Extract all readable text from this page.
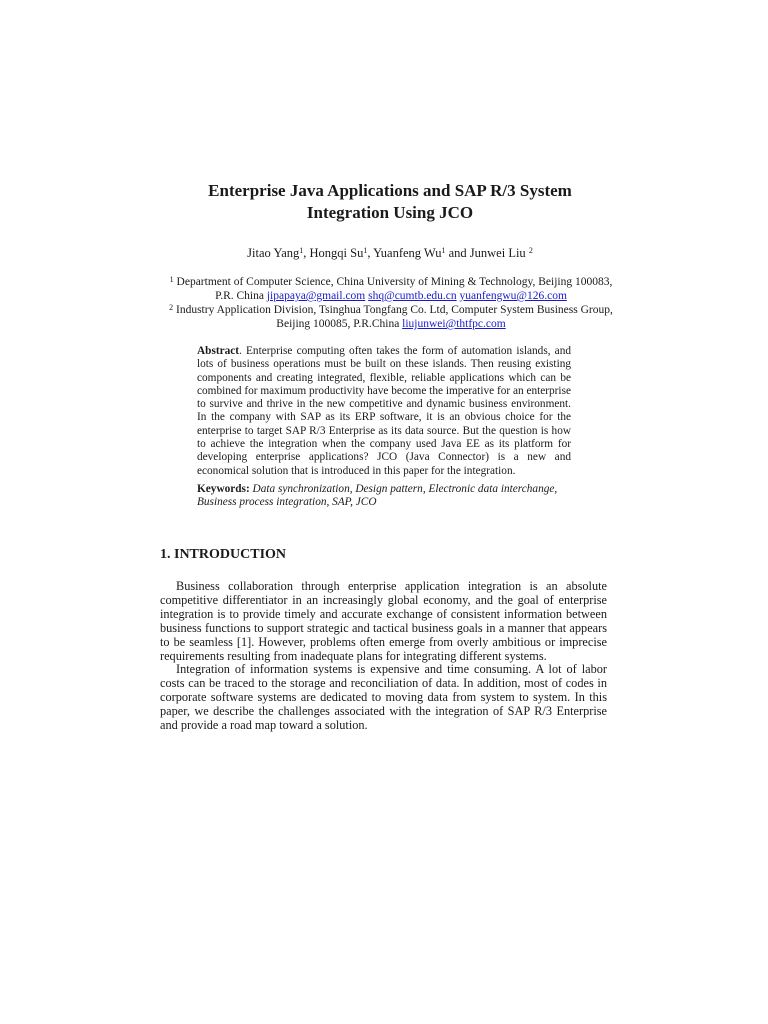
Enterprise Java Applications and SAP R/3 System
Integration Using JCO
Jitao Yang$^1$, Hongqi Su$^1$, Yuanfeng Wu$^1$ and Junwei Liu $^2$
$^1$ Department of Computer Science, China University of Mining & Technology, Beijing 100083, P.R. China jipapaya@gmail.com shq@cumtb.edu.cn yuanfengwu@126.com
$^2$ Industry Application Division, Tsinghua Tongfang Co. Ltd, Computer System Business Group, Beijing 100085, P.R.China liujunwei@thtfpc.com
Abstract. Enterprise computing often takes the form of automation islands, and lots of business operations must be built on these islands. Then reusing existing components and creating integrated, flexible, reliable applications which can be combined for maximum productivity have become the imperative for an enterprise to survive and thrive in the new competitive and dynamic business environment. In the company with SAP as its ERP software, it is an obvious choice for the enterprise to target SAP R/3 Enterprise as its data source. But the question is how to achieve the integration when the company used Java EE as its platform for developing enterprise applications? JCO (Java Connector) is a new and economical solution that is introduced in this paper for the integration.
Keywords: Data synchronization, Design pattern, Electronic data interchange, Business process integration, SAP, JCO
1. INTRODUCTION

Business collaboration through enterprise application integration is an absolute competitive differentiator in an increasingly global economy, and the goal of enterprise integration is to provide timely and accurate exchange of consistent information between business functions to support strategic and tactical business goals in a manner that appears to be seamless [1]. However, problems often emerge from overly ambitious or imprecise requirements resulting from inadequate plans for integrating different systems.

Integration of information systems is expensive and time consuming. A lot of labor costs can be traced to the storage and reconciliation of data. In addition, most of codes in corporate software systems are dedicated to moving data from system to system. In this paper, we describe the challenges associated with the integration of SAP R/3 Enterprise and provide a road map toward a solution.
